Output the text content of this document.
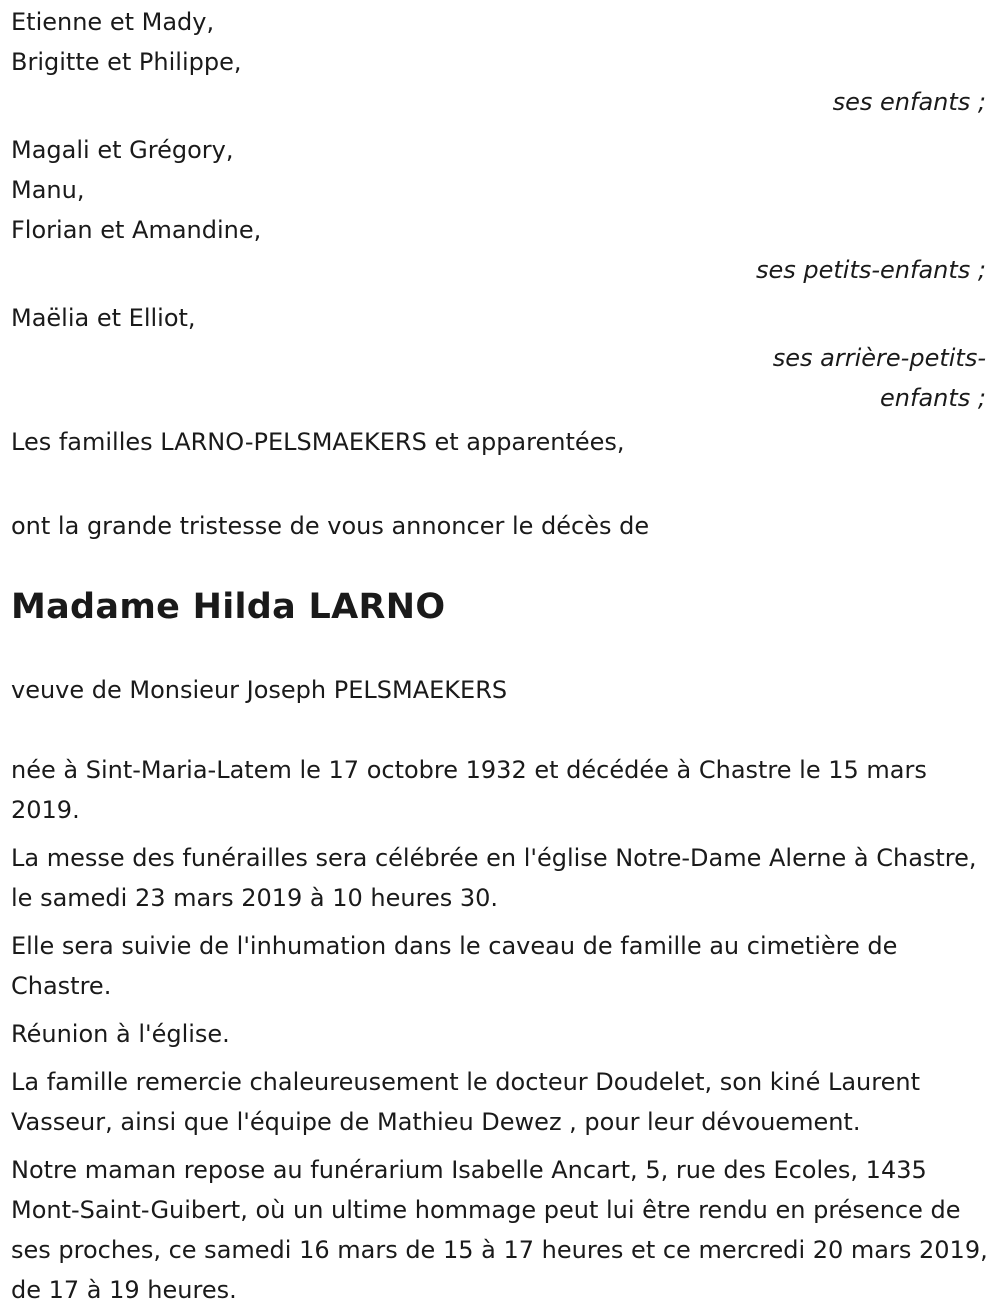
Etienne et Mady,
Brigitte et Philippe,
ses enfants ;
Magali et Grégory,
Manu,
Florian et Amandine,
ses petits-enfants ;
Maëlia et Elliot,
ses arrière-petits-
enfants ;
Les familles LARNO-PELSMAEKERS et apparentées,
ont la grande tristesse de vous annoncer le décès de
Madame Hilda LARNO
veuve de Monsieur Joseph PELSMAEKERS
née à Sint-Maria-Latem le 17 octobre 1932 et décédée à Chastre le 15 mars 2019.
La messe des funérailles sera célébrée en l'église Notre-Dame Alerne à Chastre, le samedi 23 mars 2019 à 10 heures 30.
Elle sera suivie de l'inhumation dans le caveau de famille au cimetière de Chastre.
Réunion à l'église.
La famille remercie chaleureusement le docteur Doudelet, son kiné Laurent Vasseur, ainsi que l'équipe de Mathieu Dewez , pour leur dévouement.
Notre maman repose au funérarium Isabelle Ancart, 5, rue des Ecoles, 1435 Mont-Saint-Guibert, où un ultime hommage peut lui être rendu en présence de ses proches, ce samedi 16 mars de 15 à 17 heures et ce mercredi 20 mars 2019, de 17 à 19 heures.
